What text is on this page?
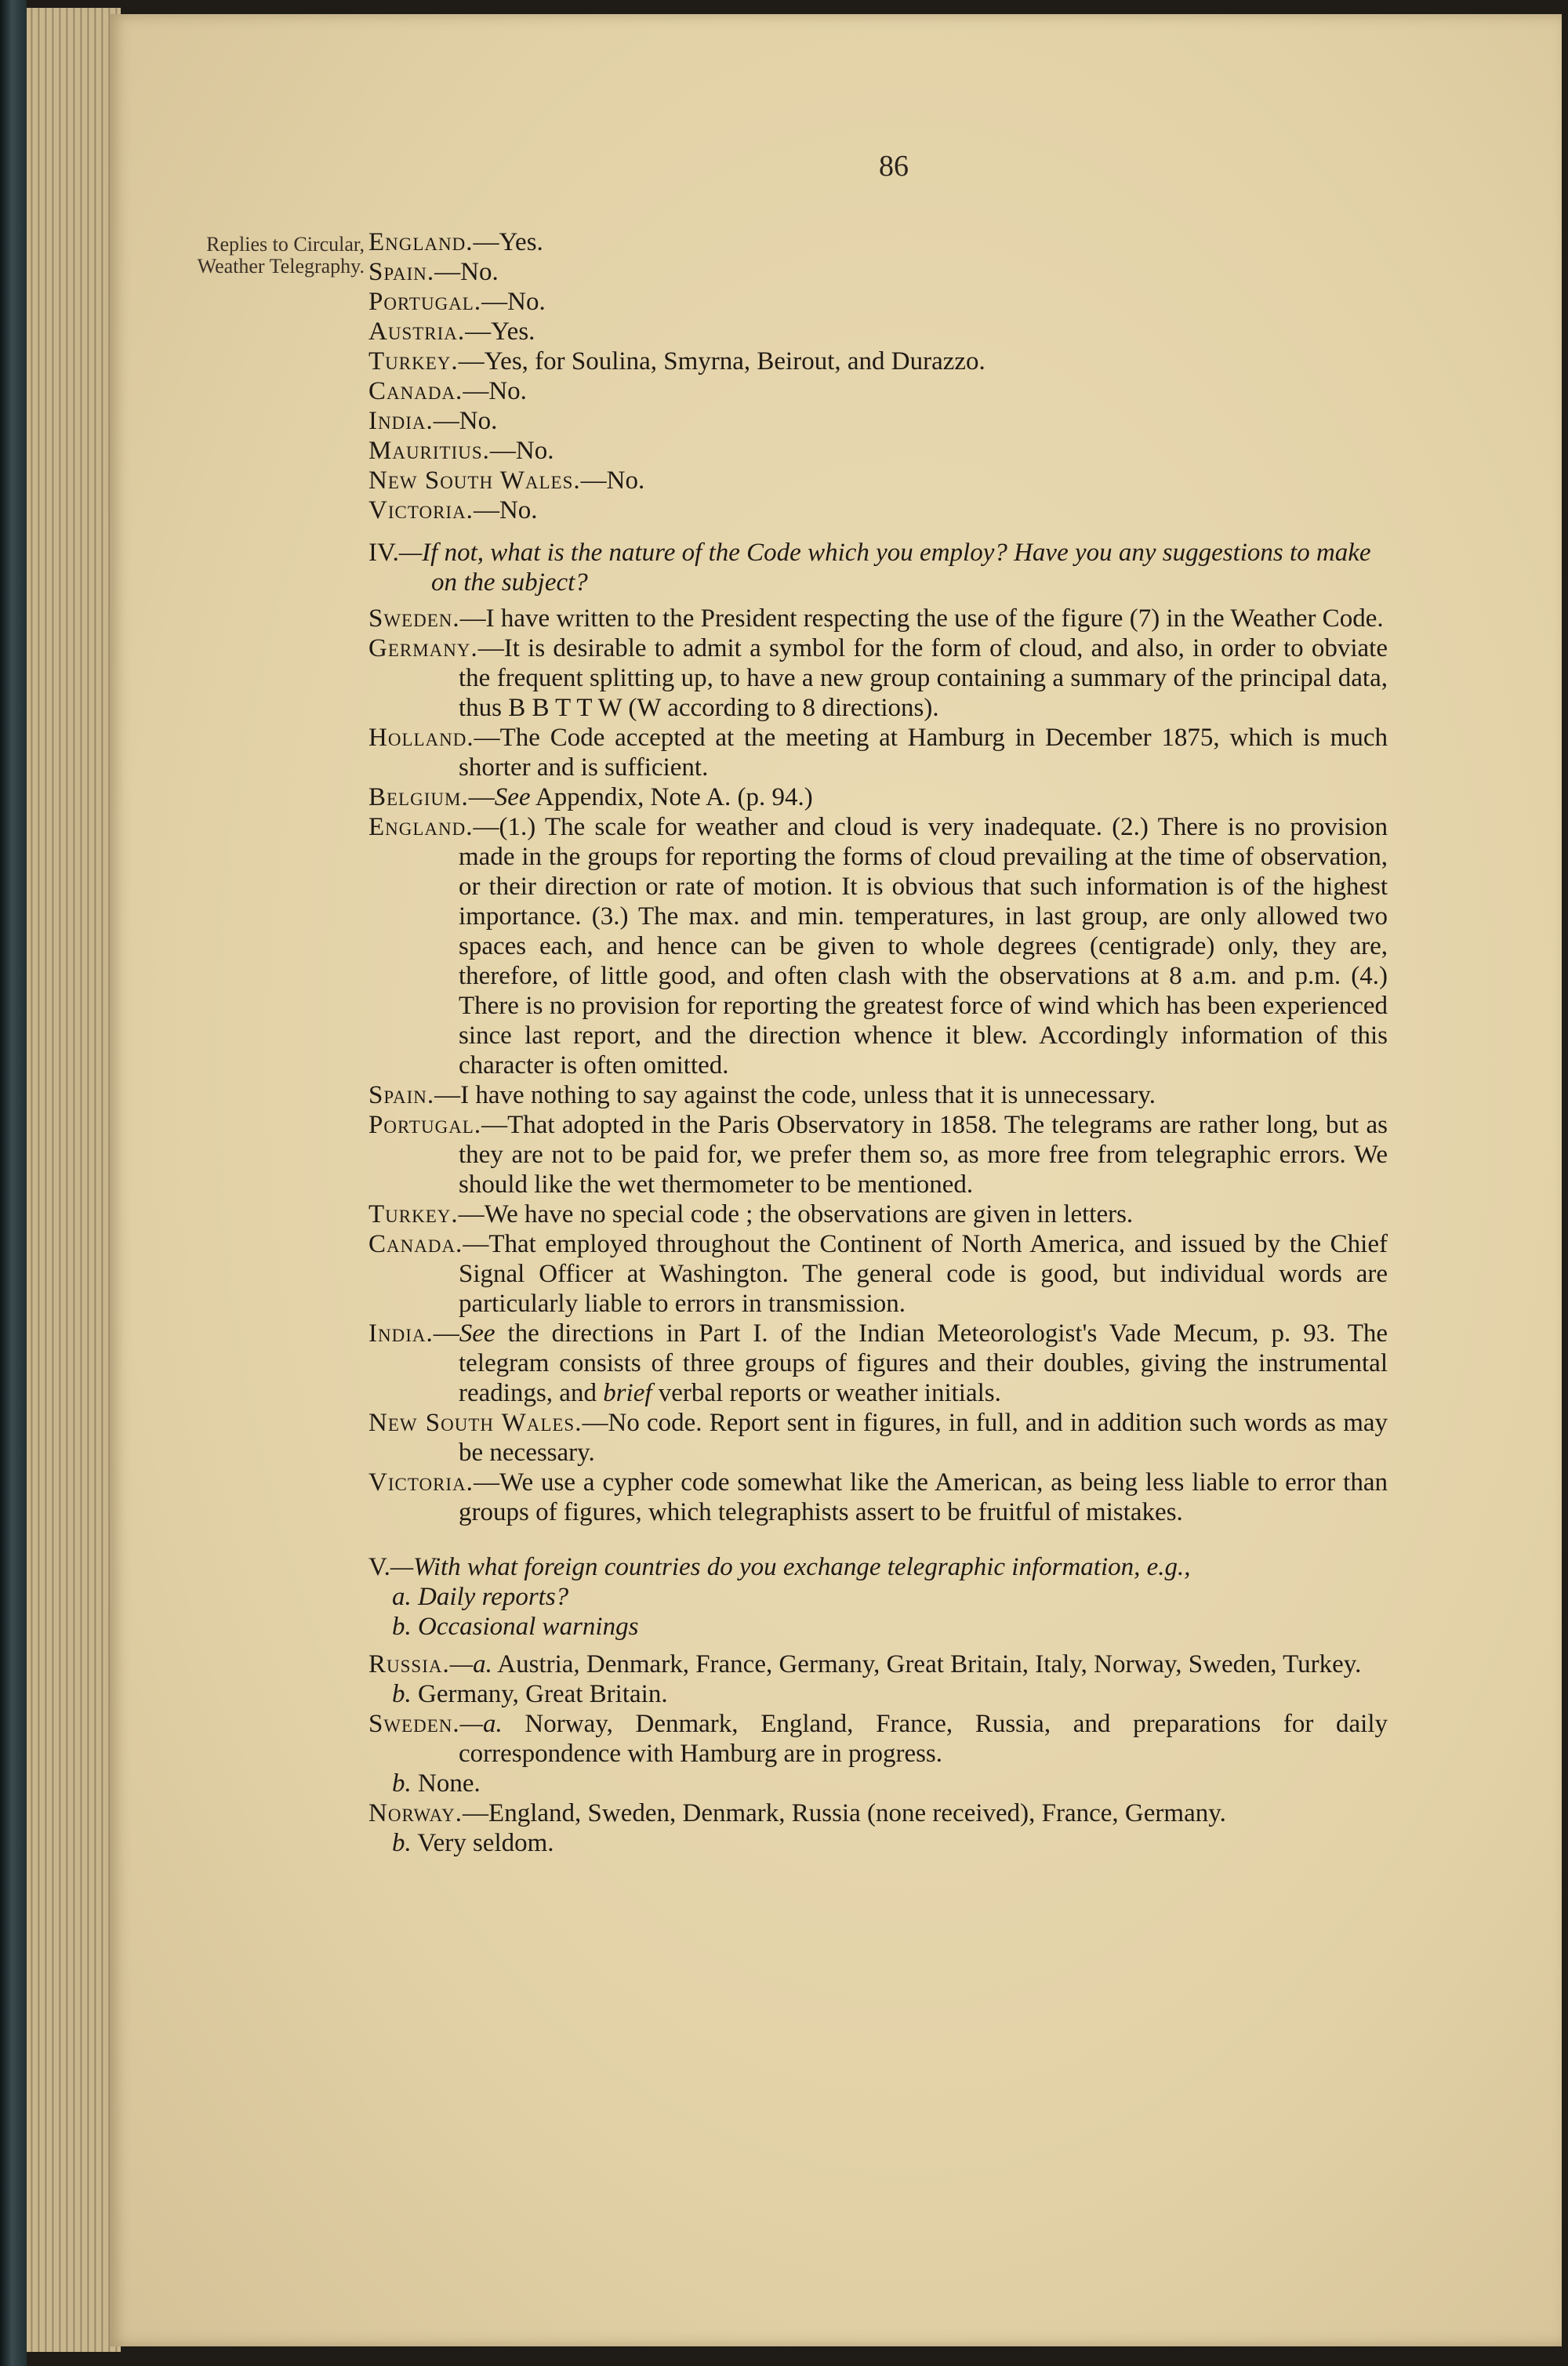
86
Replies to Circular, Weather Telegraphy.
England.—Yes.
Spain.—No.
Portugal.—No.
Austria.—Yes.
Turkey.—Yes, for Soulina, Smyrna, Beirout, and Durazzo.
Canada.—No.
India.—No.
Mauritius.—No.
New South Wales.—No.
Victoria.—No.
IV.—If not, what is the nature of the Code which you employ? Have you any suggestions to make on the subject?
Sweden.—I have written to the President respecting the use of the figure (7) in the Weather Code.
Germany.—It is desirable to admit a symbol for the form of cloud, and also, in order to obviate the frequent splitting up, to have a new group containing a summary of the principal data, thus B B T T W (W according to 8 directions).
Holland.—The Code accepted at the meeting at Hamburg in December 1875, which is much shorter and is sufficient.
Belgium.—See Appendix, Note A. (p. 94.)
England.—(1.) The scale for weather and cloud is very inadequate. (2.) There is no provision made in the groups for reporting the forms of cloud prevailing at the time of observation, or their direction or rate of motion. It is obvious that such information is of the highest importance. (3.) The max. and min. temperatures, in last group, are only allowed two spaces each, and hence can be given to whole degrees (centigrade) only, they are, therefore, of little good, and often clash with the observations at 8 a.m. and p.m. (4.) There is no provision for reporting the greatest force of wind which has been experienced since last report, and the direction whence it blew. Accordingly information of this character is often omitted.
Spain.—I have nothing to say against the code, unless that it is unnecessary.
Portugal.—That adopted in the Paris Observatory in 1858. The telegrams are rather long, but as they are not to be paid for, we prefer them so, as more free from telegraphic errors. We should like the wet thermometer to be mentioned.
Turkey.—We have no special code ; the observations are given in letters.
Canada.—That employed throughout the Continent of North America, and issued by the Chief Signal Officer at Washington. The general code is good, but individual words are particularly liable to errors in transmission.
India.—See the directions in Part I. of the Indian Meteorologist's Vade Mecum, p. 93. The telegram consists of three groups of figures and their doubles, giving the instrumental readings, and brief verbal reports or weather initials.
New South Wales.—No code. Report sent in figures, in full, and in addition such words as may be necessary.
Victoria.—We use a cypher code somewhat like the American, as being less liable to error than groups of figures, which telegraphists assert to be fruitful of mistakes.
V.—With what foreign countries do you exchange telegraphic information, e.g.,
a. Daily reports?
b. Occasional warnings
Russia.—a. Austria, Denmark, France, Germany, Great Britain, Italy, Norway, Sweden, Turkey.
b. Germany, Great Britain.
Sweden.—a. Norway, Denmark, England, France, Russia, and preparations for daily correspondence with Hamburg are in progress.
b. None.
Norway.—England, Sweden, Denmark, Russia (none received), France, Germany.
b. Very seldom.
